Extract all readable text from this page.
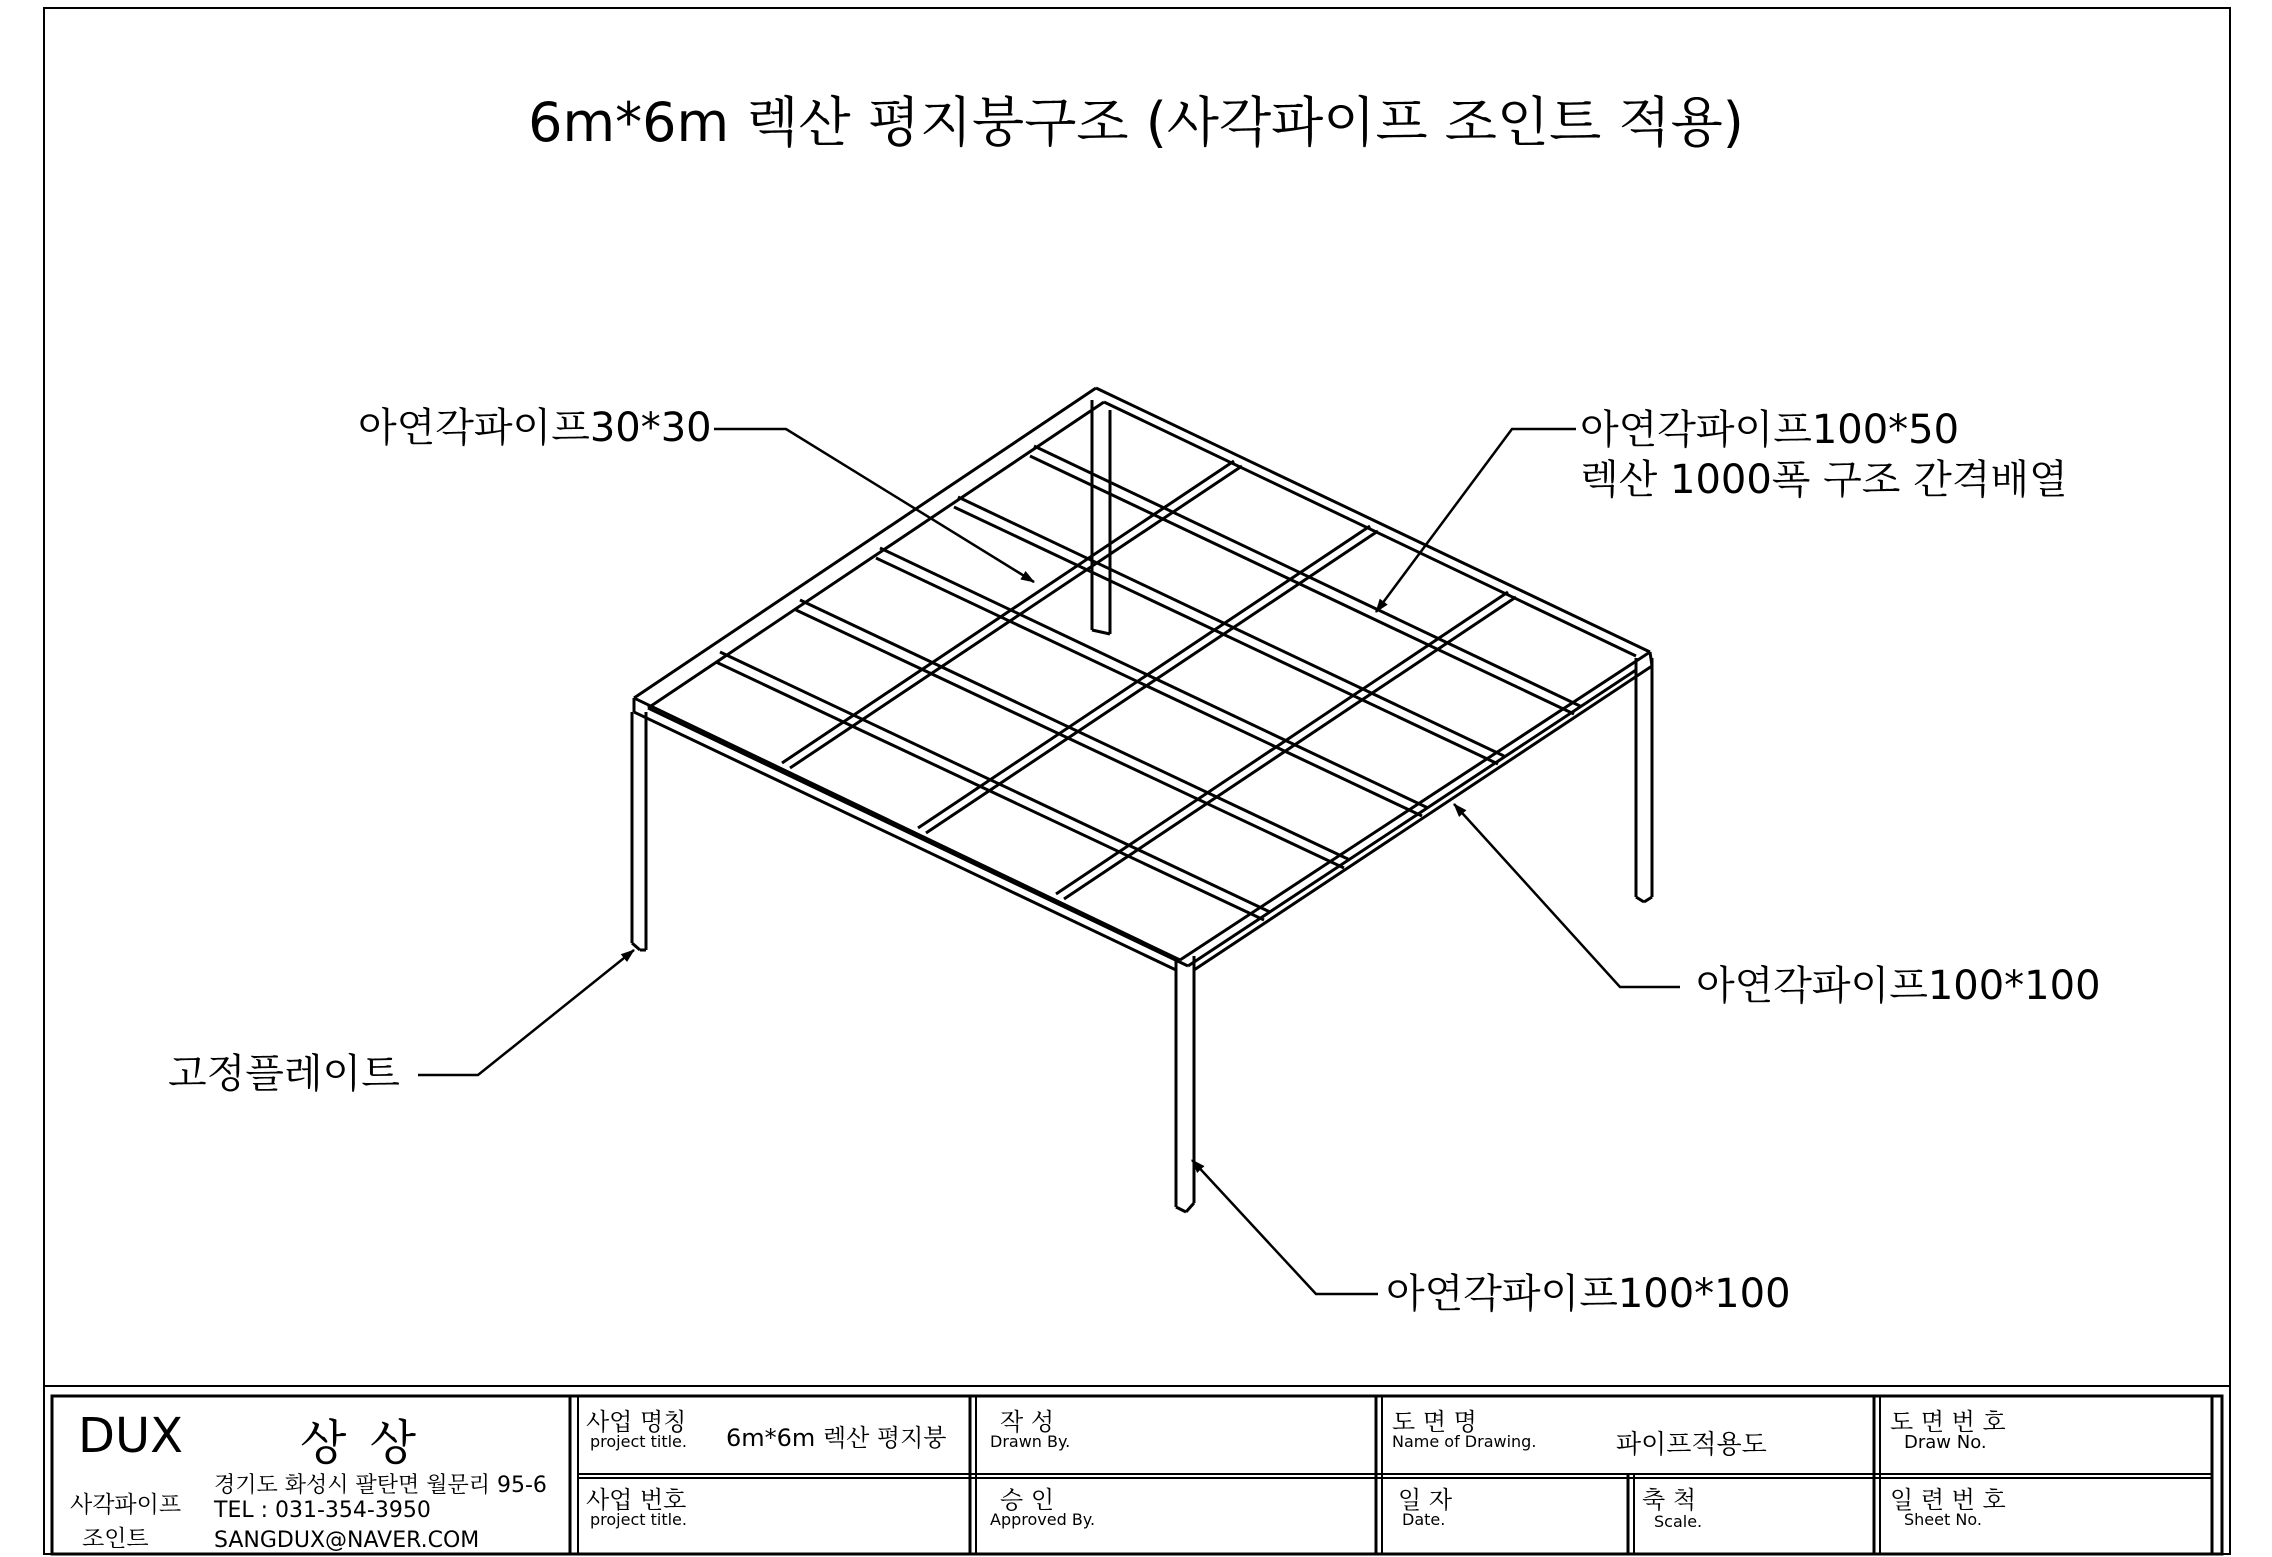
6m*6m 렉산 평지붕구조 (사각파이프 조인트 적용)
아연각파이프30*30	아연각파이프100*50
렉산 1000폭 구조 간격배열
아연각파이프100*100
고정플레이트
아연각파이프100*100
DUX 상 상
사각파이프
조인트
경기도 화성시 팔탄면 월문리 95-6
TEL : 031-354-3950
SANGDUX@NAVER.COM
사업 명칭
project title. 6m*6m 렉산 평지붕
사업 번호
project title.
작 성
Drawn By.
승 인
Approved By.
도 면 명
Name of Drawing.	파이프적용도
일 자
Date.
축 척
Scale.
도 면 번 호
Draw No.
일 련 번 호
Sheet No.
